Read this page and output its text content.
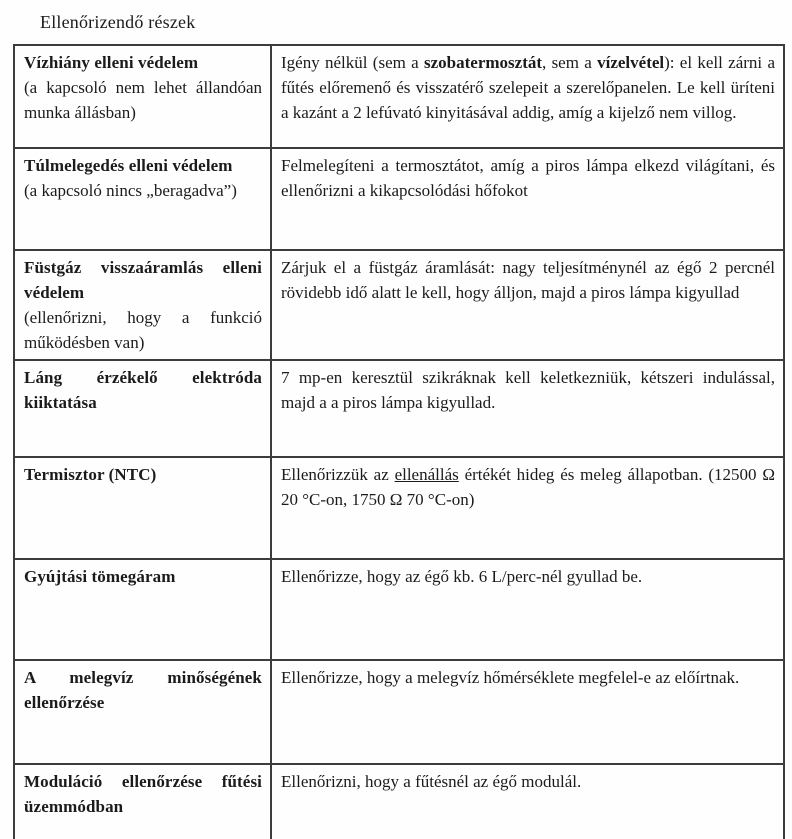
Ellenőrizendő részek
Vízhiány elleni védelem
(a kapcsoló nem lehet állandóan munka állásban)	Igény nélkül (sem a szobatermosztát, sem a vízelvétel): el kell zárni a fűtés előremenő és visszatérő szelepeit a szerelőpanelen. Le kell üríteni a kazánt a 2 lefúvató kinyitásával addig, amíg a kijelző nem villog.

Túlmelegedés elleni védelem
(a kapcsoló nincs „beragadva”)	Felmelegíteni a termosztátot, amíg a piros lámpa elkezd világítani, és ellenőrizni a kikapcsolódási hőfokot

Füstgáz visszaáramlás elleni védelem
(ellenőrizni, hogy a funkció működésben van)	Zárjuk el a füstgáz áramlását: nagy teljesítménynél az égő 2 percnél rövidebb idő alatt le kell, hogy álljon, majd a piros lámpa kigyullad

Láng érzékelő elektróda kiiktatása	7 mp-en keresztül szikráknak kell keletkezniük, kétszeri indulással, majd a a piros lámpa kigyullad.

Termisztor (NTC)	Ellenőrizzük az ellenállás értékét hideg és meleg állapotban. (12500 Ω 20 °C-on, 1750 Ω 70 °C-on)

Gyújtási tömegáram	Ellenőrizze, hogy az égő kb. 6 L/perc-nél gyullad be.

A melegvíz minőségének ellenőrzése	Ellenőrizze, hogy a melegvíz hőmérséklete megfelel-e az előírtnak.

Moduláció ellenőrzése fűtési üzemmódban	Ellenőrizni, hogy a fűtésnél az égő modulál.
